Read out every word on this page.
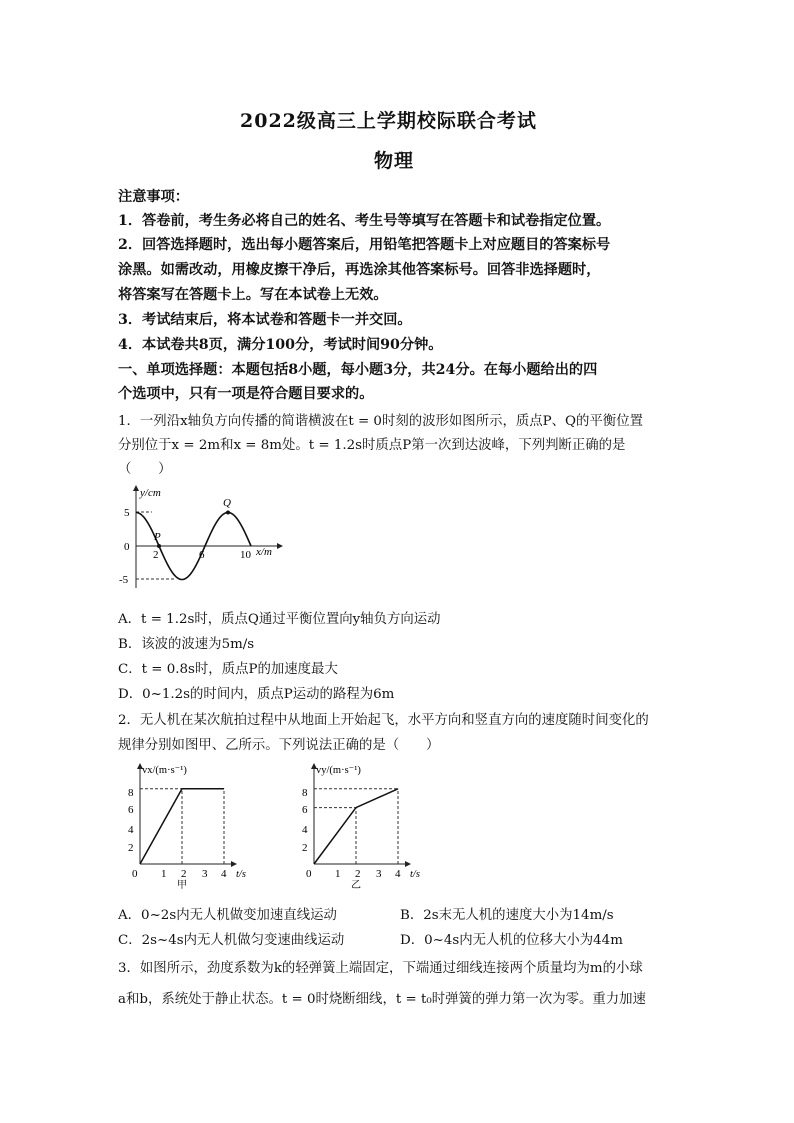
2022级高三上学期校际联合考试
物理
注意事项：
1．答卷前，考生务必将自己的姓名、考生号等填写在答题卡和试卷指定位置。
2．回答选择题时，选出每小题答案后，用铅笔把答题卡上对应题目的答案标号
涂黑。如需改动，用橡皮擦干净后，再选涂其他答案标号。回答非选择题时，
将答案写在答题卡上。写在本试卷上无效。
3．考试结束后，将本试卷和答题卡一并交回。
4．本试卷共8页，满分100分，考试时间90分钟。
一、单项选择题：本题包括8小题，每小题3分，共24分。在每小题给出的四
个选项中，只有一项是符合题目要求的。
1．一列沿x轴负方向传播的简谐横波在t = 0时刻的波形如图所示，质点P、Q的平衡位置
分别位于x = 2m和x = 8m处。t = 1.2s时质点P第一次到达波峰，下列判断正确的是
（　　）
y/cm
x/m
5
0
-5
2	6	10
P
Q
A．t = 1.2s时，质点Q通过平衡位置向y轴负方向运动
B．该波的波速为5m/s
C．t = 0.8s时，质点P的加速度最大
D．0~1.2s的时间内，质点P运动的路程为6m
2．无人机在某次航拍过程中从地面上开始起飞，水平方向和竖直方向的速度随时间变化的
规律分别如图甲、乙所示。下列说法正确的是（　　）
vx/(m·s⁻¹)
t/s
8
6
4
2
0 1 2 3 4
甲
vy/(m·s⁻¹)
t/s
8
6
4
2
0 1 2 3 4
乙
A．0~2s内无人机做变加速直线运动	B．2s末无人机的速度大小为14m/s
C．2s~4s内无人机做匀变速曲线运动	D．0~4s内无人机的位移大小为44m
3．如图所示，劲度系数为k的轻弹簧上端固定，下端通过细线连接两个质量均为m的小球
a和b，系统处于静止状态。t = 0时烧断细线，t = t₀时弹簧的弹力第一次为零。重力加速
